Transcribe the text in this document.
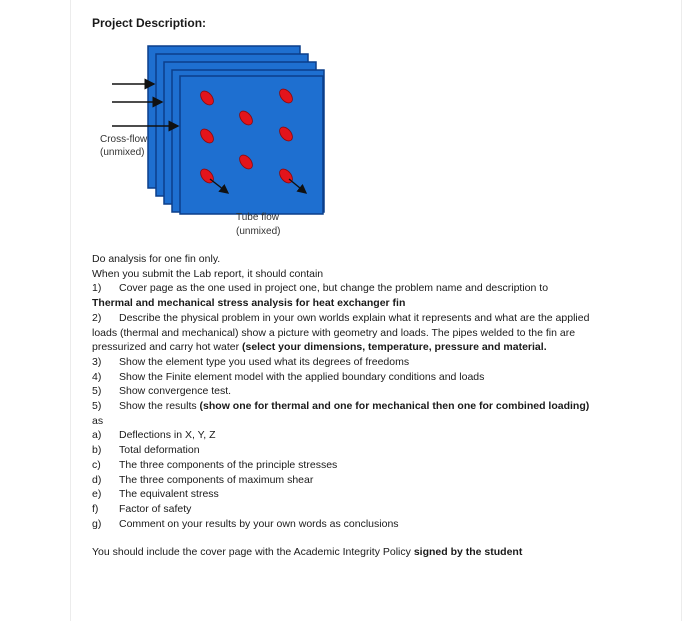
Project Description:
Cross-flow
(unmixed)
Tube flow
(unmixed)

Do analysis for one fin only.

When you submit the Lab report, it should contain

1) Cover page as the one used in project one, but change the problem name and description to
Thermal and mechanical stress analysis for heat exchanger fin

2) Describe the physical problem in your own worlds explain what it represents and what are the applied loads (thermal and mechanical) show a picture with geometry and loads. The pipes welded to the fin are pressurized and carry hot water (select your dimensions, temperature, pressure and material.

3) Show the element type you used what its degrees of freedoms

4) Show the Finite element model with the applied boundary conditions and loads

5) Show convergence test.

5) Show the results (show one for thermal and one for mechanical then one for combined loading) as

a) Deflections in X, Y, Z

b) Total deformation

c) The three components of the principle stresses

d) The three components of maximum shear

e) The equivalent stress

f) Factor of safety

g) Comment on your results by your own words as conclusions

You should include the cover page with the Academic Integrity Policy signed by the student
